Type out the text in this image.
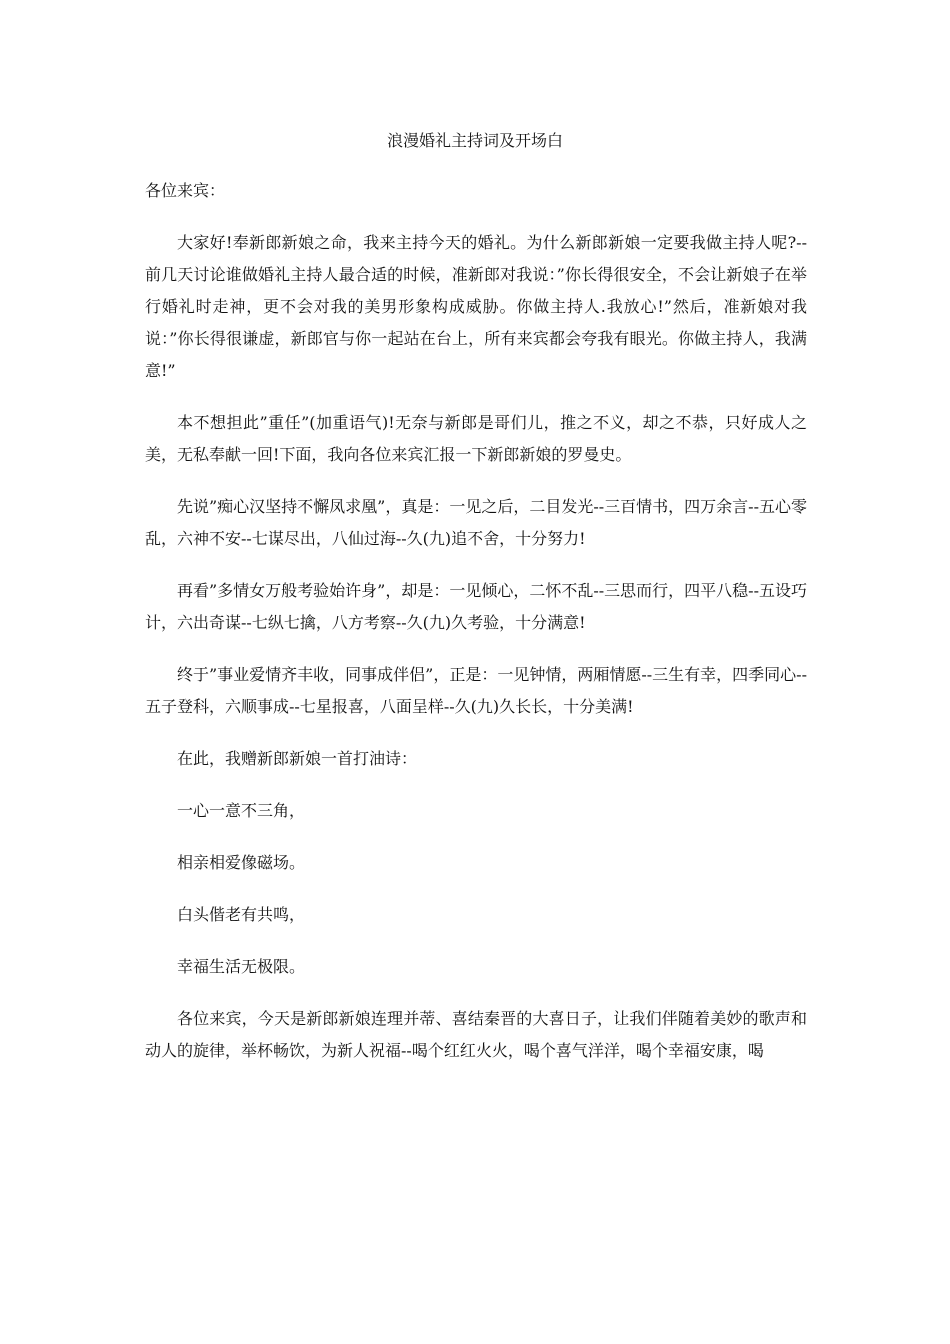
浪漫婚礼主持词及开场白

各位来宾：

大家好!奉新郎新娘之命，我来主持今天的婚礼。为什么新郎新娘一定要我做主持人呢?--前几天讨论谁做婚礼主持人最合适的时候，准新郎对我说：”你长得很安全，不会让新娘子在举行婚礼时走神，更不会对我的美男形象构成威胁。你做主持人.我放心!”然后，准新娘对我说：”你长得很谦虚，新郎官与你一起站在台上，所有来宾都会夸我有眼光。你做主持人，我满意!”

本不想担此”重任”(加重语气)!无奈与新郎是哥们儿，推之不义，却之不恭，只好成人之美，无私奉献一回!下面，我向各位来宾汇报一下新郎新娘的罗曼史。

先说”痴心汉坚持不懈凤求凰”，真是：一见之后，二目发光--三百情书，四万余言--五心零乱，六神不安--七谋尽出，八仙过海--久(九)追不舍，十分努力!

再看”多情女万般考验始许身”，却是：一见倾心，二怀不乱--三思而行，四平八稳--五设巧计，六出奇谋--七纵七擒，八方考察--久(九)久考验，十分满意!

终于”事业爱情齐丰收，同事成伴侣”，正是：一见钟情，两厢情愿--三生有幸，四季同心--五子登科，六顺事成--七星报喜，八面呈样--久(九)久长长，十分美满!

在此，我赠新郎新娘一首打油诗：

一心一意不三角，

相亲相爱像磁场。

白头偕老有共鸣，

幸福生活无极限。

各位来宾，今天是新郎新娘连理并蒂、喜结秦晋的大喜日子，让我们伴随着美妙的歌声和动人的旋律，举杯畅饮，为新人祝福--喝个红红火火，喝个喜气洋洋，喝个幸福安康，喝
